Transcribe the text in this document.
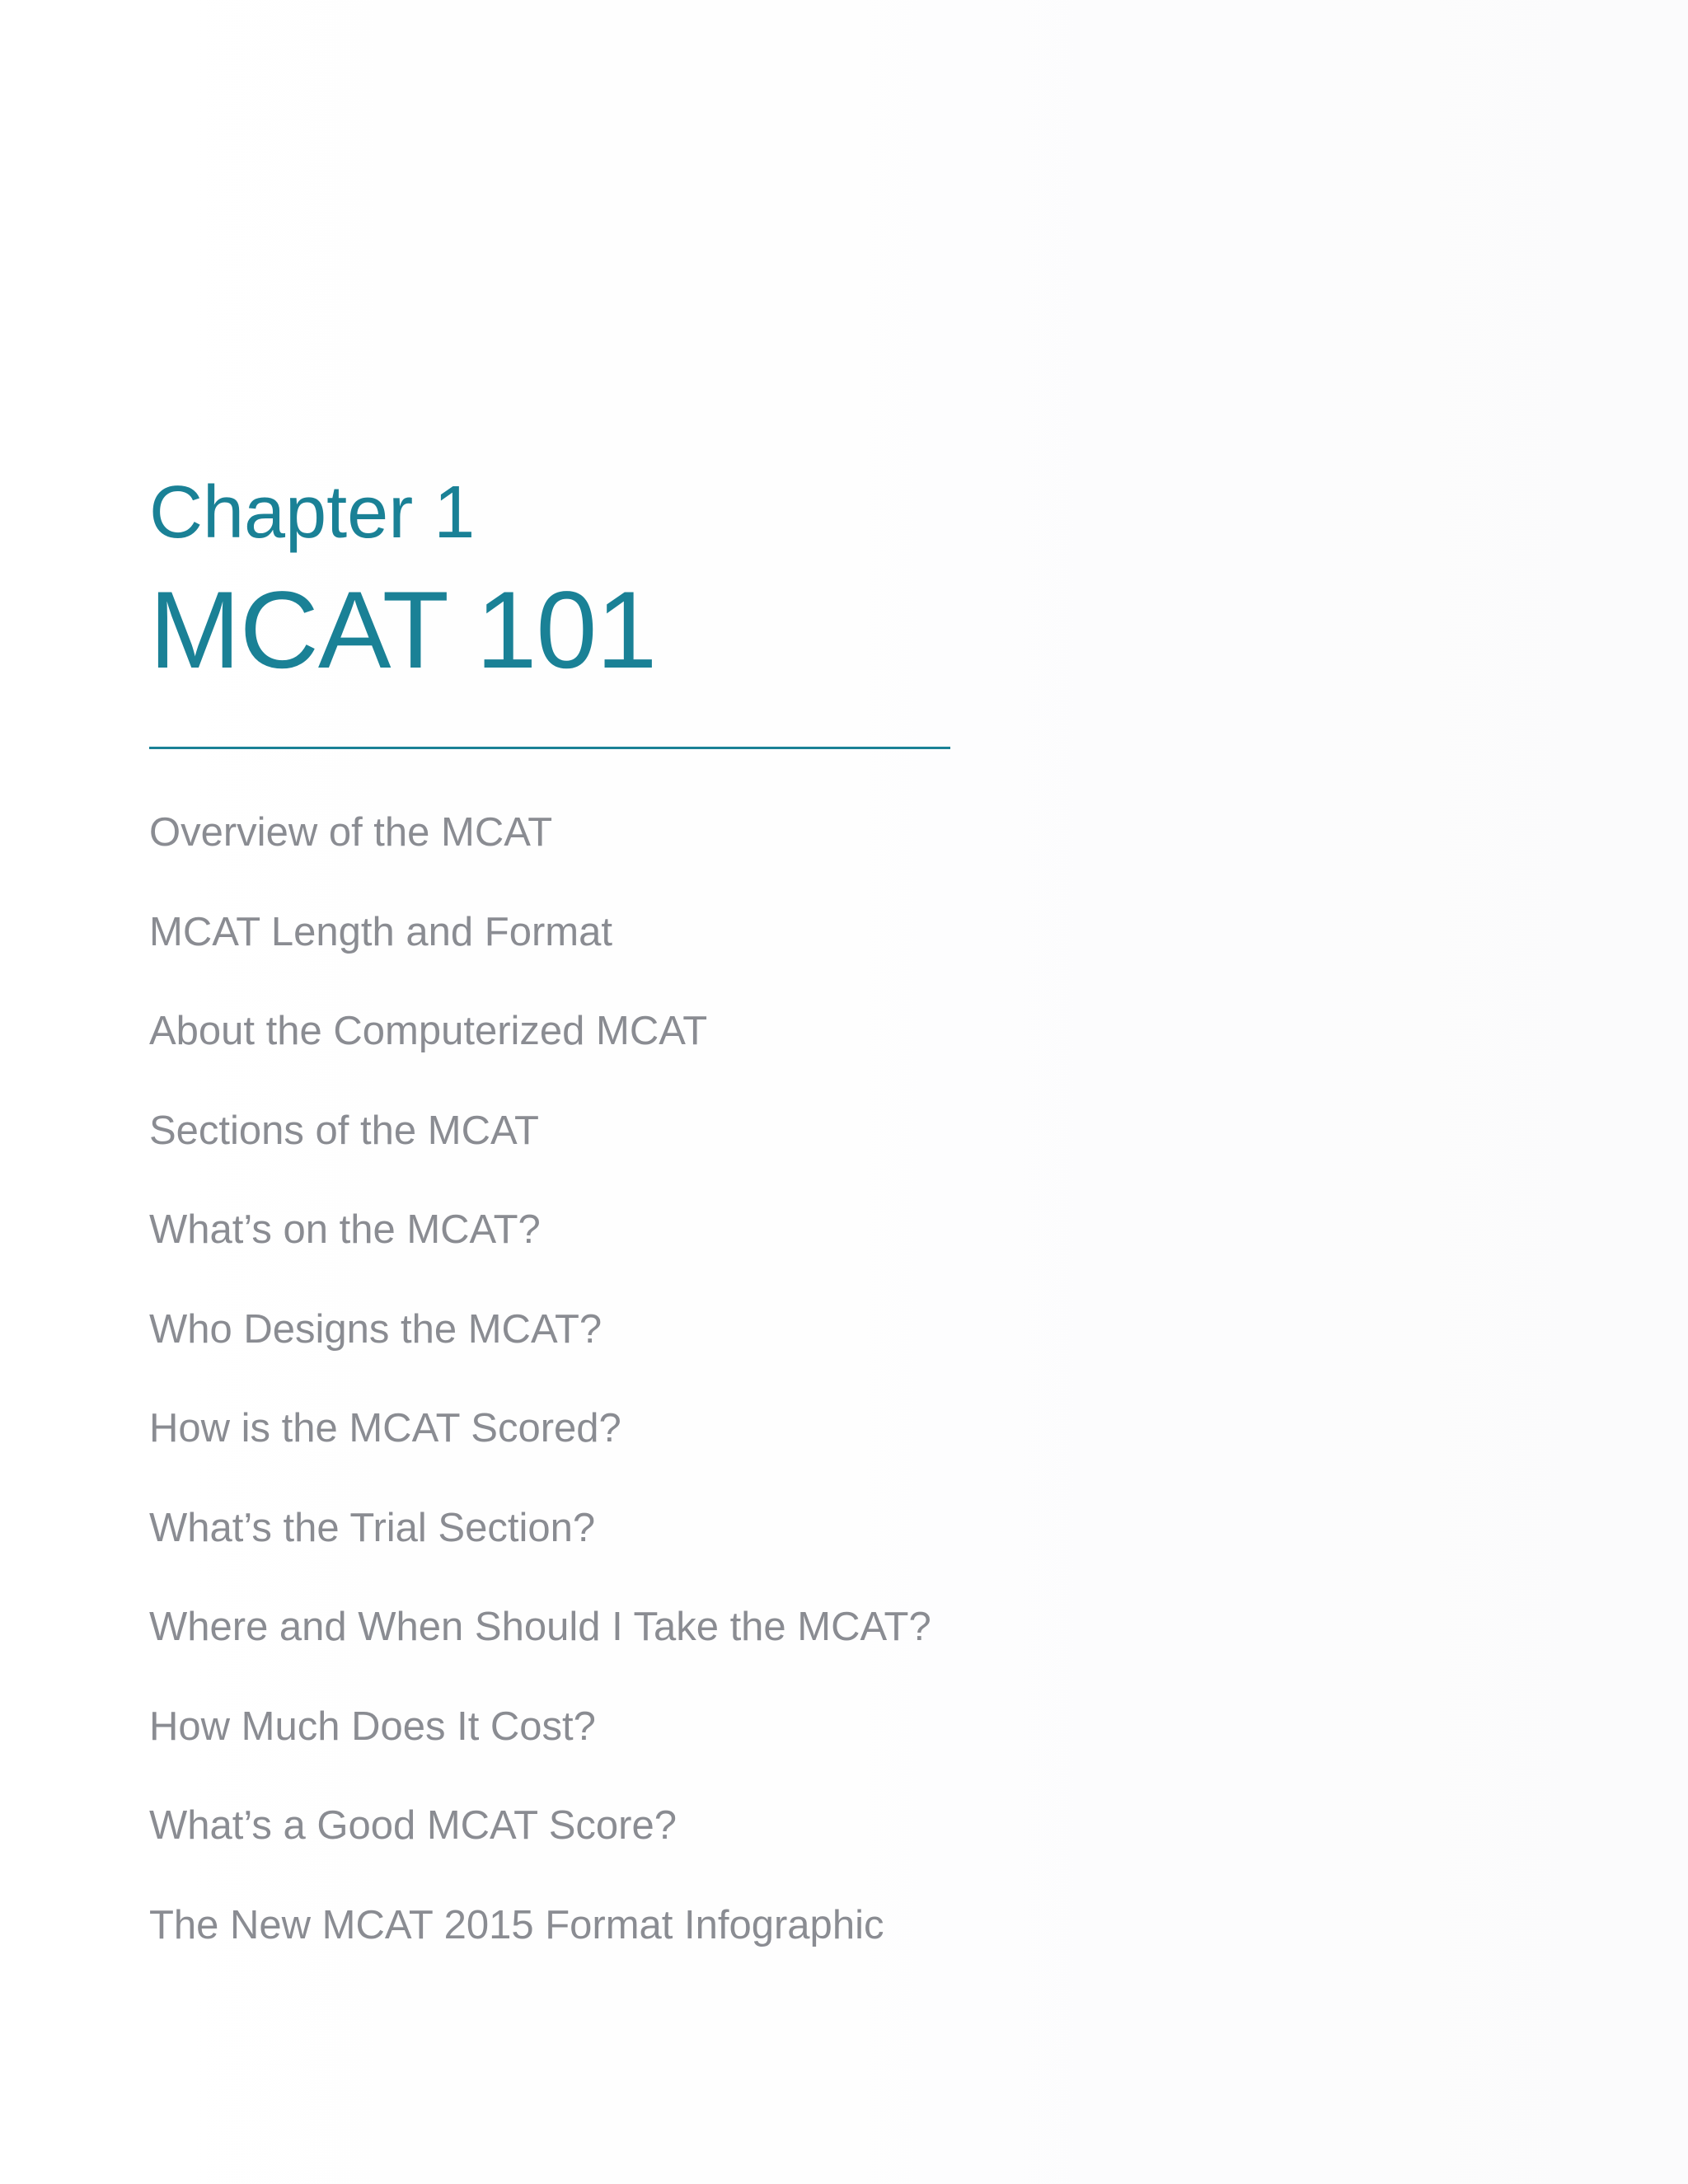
Chapter 1
MCAT 101
Overview of the MCAT
MCAT Length and Format
About the Computerized MCAT
Sections of the MCAT
What’s on the MCAT?
Who Designs the MCAT?
How is the MCAT Scored?
What’s the Trial Section?
Where and When Should I Take the MCAT?
How Much Does It Cost?
What’s a Good MCAT Score?
The New MCAT 2015 Format Infographic
